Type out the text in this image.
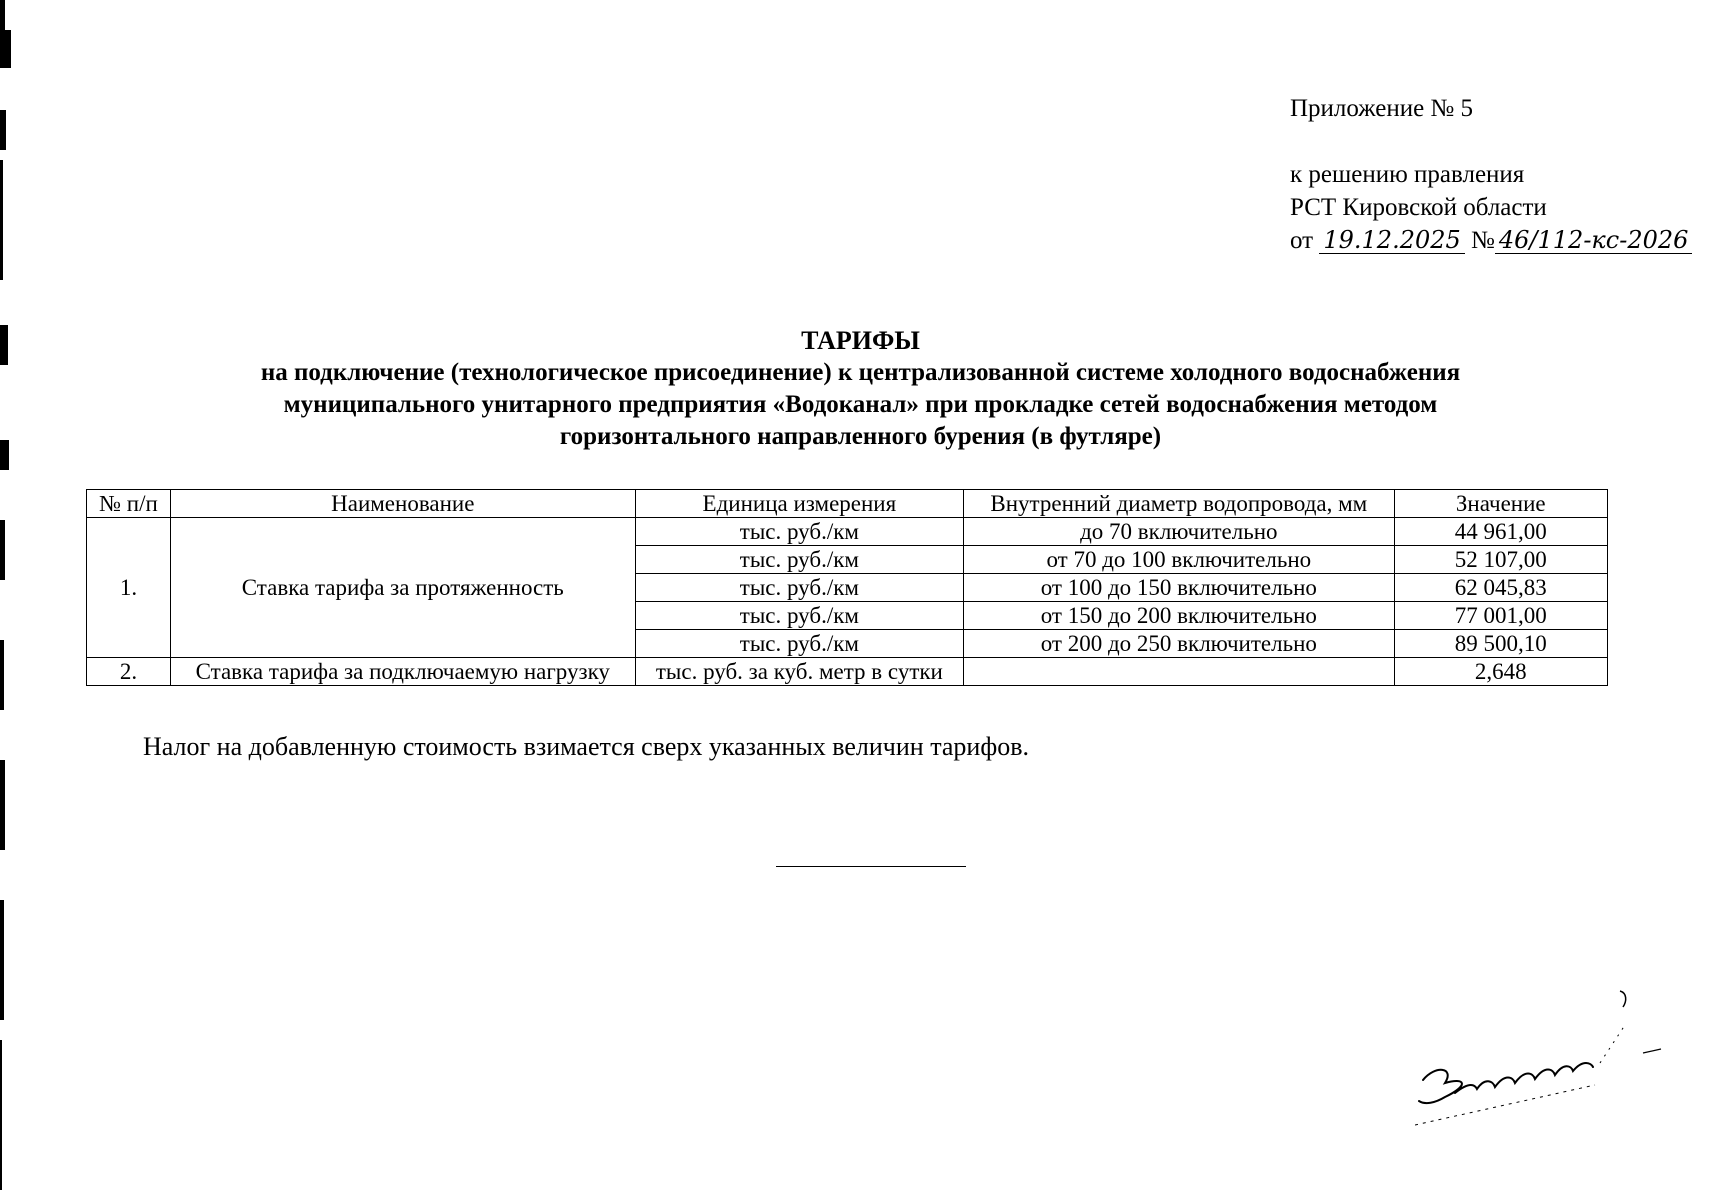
Приложение № 5
к решению правления
РСТ Кировской области
от 19.12.2025 № 46/112-кс-2026
ТАРИФЫ
на подключение (технологическое присоединение) к централизованной системе холодного водоснабжения
муниципального унитарного предприятия «Водоканал» при прокладке сетей водоснабжения методом
горизонтального направленного бурения (в футляре)
№ п/п	Наименование	Единица измерения	Внутренний диаметр водопровода, мм	Значение
1.	Ставка тарифа за протяженность	тыс. руб./км	до 70 включительно	44 961,00
		тыс. руб./км	от 70 до 100 включительно	52 107,00
		тыс. руб./км	от 100 до 150 включительно	62 045,83
		тыс. руб./км	от 150 до 200 включительно	77 001,00
		тыс. руб./км	от 200 до 250 включительно	89 500,10
2.	Ставка тарифа за подключаемую нагрузку	тыс. руб. за куб. метр в сутки		2,648
Налог на добавленную стоимость взимается сверх указанных величин тарифов.
